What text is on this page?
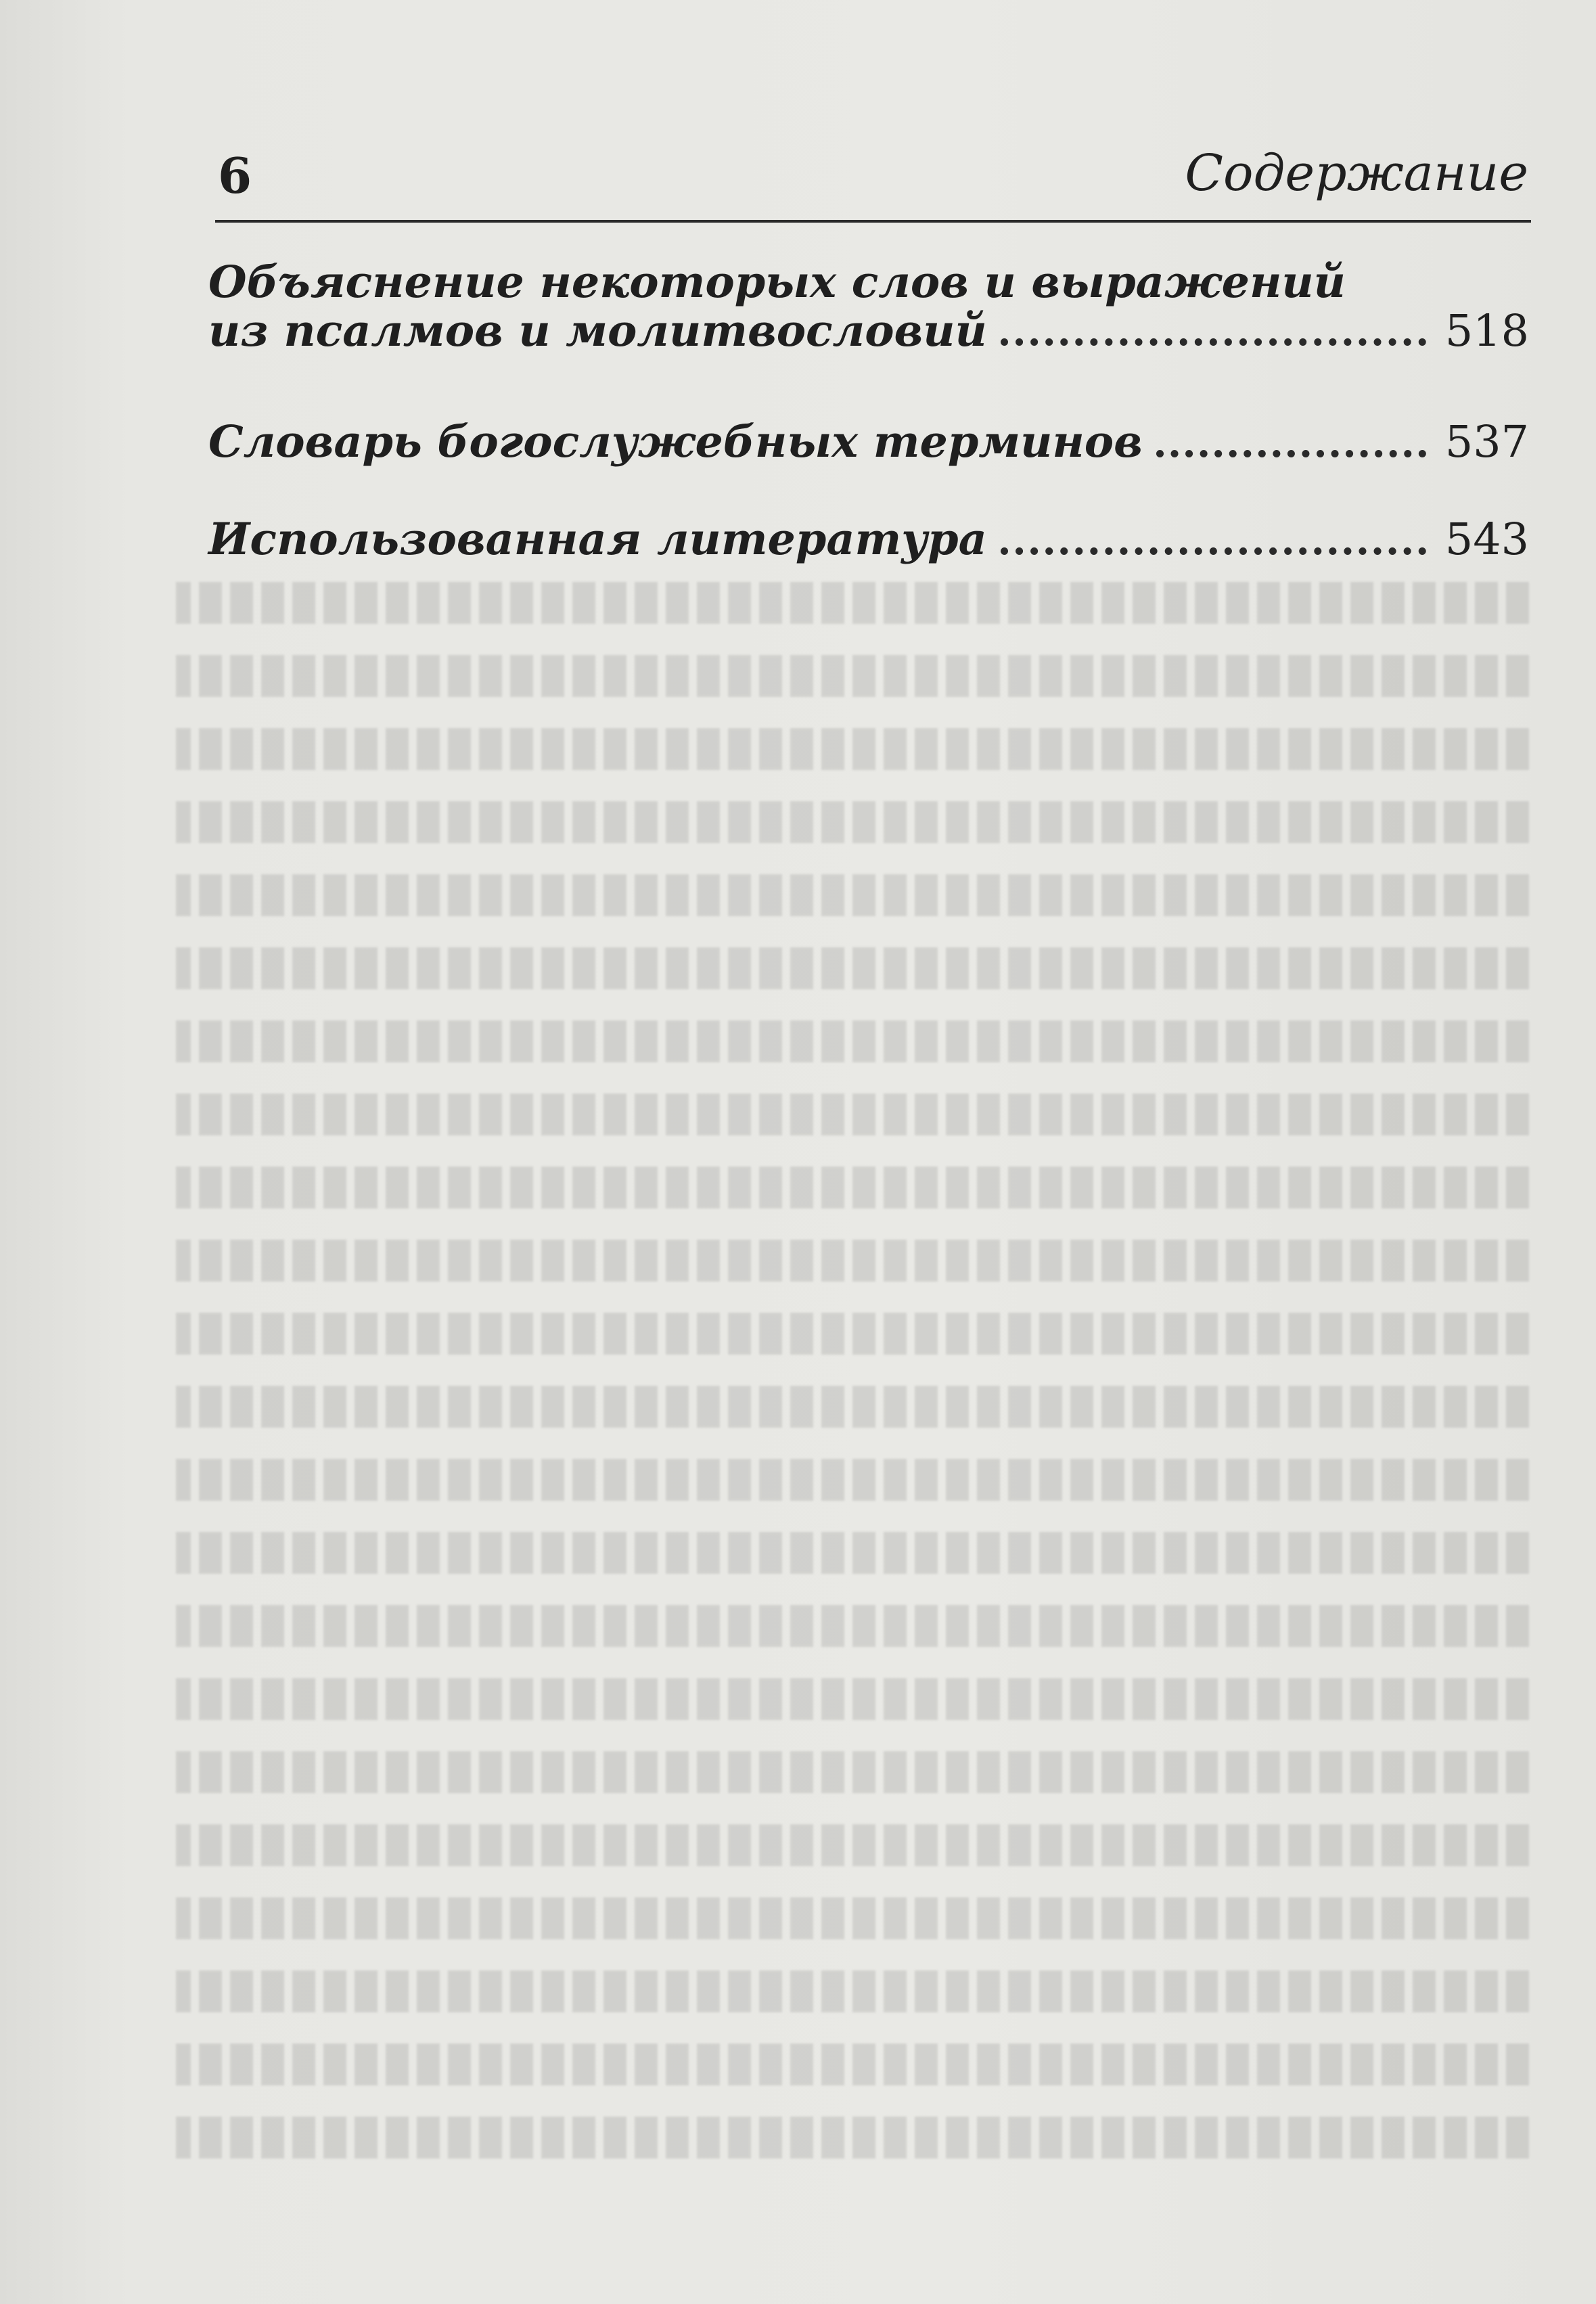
6	Содержание
Объяснение некоторых слов и выражений
из псалмов и молитвословий	518
Словарь богослужебных терминов	537
Использованная литература	543
